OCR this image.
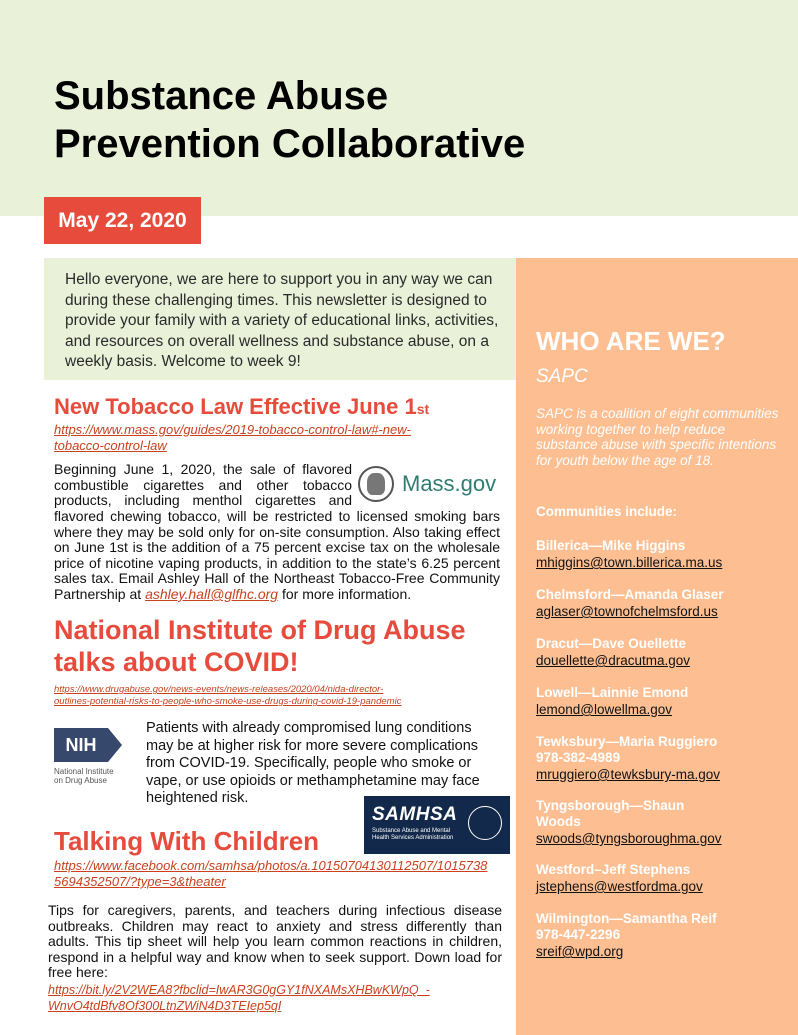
Substance Abuse
Prevention Collaborative
May 22, 2020
Hello everyone, we are here to support you in any way we can during these challenging times. This newsletter is designed to provide your family with a variety of educational links, activities, and resources on overall wellness and substance abuse, on a weekly basis. Welcome to week 9!
New Tobacco Law Effective June 1st
https://www.mass.gov/guides/2019-tobacco-control-law#-new-
tobacco-control-law
Beginning June 1, 2020, the sale of flavored
combustible cigarettes and other tobacco
products, including menthol cigarettes and
Mass.gov
flavored chewing tobacco, will be restricted to licensed smoking bars where they may be sold only for on-site consumption. Also taking effect on June 1st is the addition of a 75 percent excise tax on the wholesale price of nicotine vaping products, in addition to the state’s 6.25 percent sales tax. Email Ashley Hall of the Northeast Tobacco-Free Community Partnership at ashley.hall@glfhc.org for more information.
National Institute of Drug Abuse
talks about COVID!
https://www.drugabuse.gov/news-events/news-releases/2020/04/nida-director-
outlines-potential-risks-to-people-who-smoke-use-drugs-during-covid-19-pandemic
NIH
National Institute
on Drug Abuse
Patients with already compromised lung conditions may be at higher risk for more severe complications from COVID-19. Specifically, people who smoke or vape, or use opioids or methamphetamine may face heightened risk.
Talking With Children
SAMHSA
Substance Abuse and Mental Health Services Administration
https://www.facebook.com/samhsa/photos/a.10150704130112507/1015738
5694352507/?type=3&theater
Tips for caregivers, parents, and teachers during infectious disease outbreaks. Children may react to anxiety and stress differently than adults. This tip sheet will help you learn common reactions in children, respond in a helpful way and know when to seek support. Down load for free here:
https://bit.ly/2V2WEA8?fbclid=IwAR3G0gGY1fNXAMsXHBwKWpQ_-
WnvO4tdBfv8Of300LtnZWiN4D3TEIep5qI
WHO ARE WE?
SAPC
SAPC is a coalition of eight communities working together to help reduce substance abuse with specific intentions for youth below the age of 18.
Communities include:
Billerica—Mike Higgins
mhiggins@town.billerica.ma.us
Chelmsford—Amanda Glaser
aglaser@townofchelmsford.us
Dracut—Dave Ouellette
douellette@dracutma.gov
Lowell—Lainnie Emond
lemond@lowellma.gov
Tewksbury—Maria Ruggiero
978-382-4989
mruggiero@tewksbury-ma.gov
Tyngsborough—Shaun
Woods
swoods@tyngsboroughma.gov
Westford–Jeff Stephens
jstephens@westfordma.gov
Wilmington—Samantha Reif
978-447-2296
sreif@wpd.org
